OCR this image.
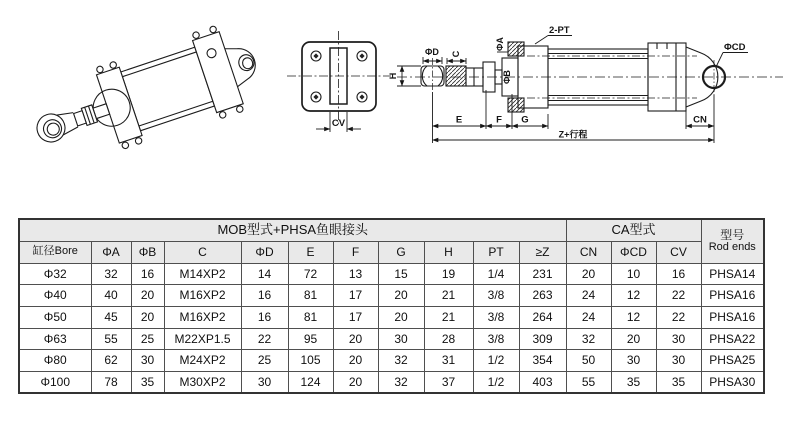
CV
2-PT
ΦD C
ΦA
ΦB
H
ΦCD
E	F G	CN
Z+行程
MOB型式+PHSA鱼眼接头											CA型式			型号
Rod ends

缸径Bore	ΦA	ΦB	C	ΦD	E	F	G	H	PT	≥Z	CN	ΦCD	CV	
Φ32	32	16	M14XP2	14	72	13	15	19	1/4	231	20	10	16	PHSA14
Φ40	40	20	M16XP2	16	81	17	20	21	3/8	263	24	12	22	PHSA16
Φ50	45	20	M16XP2	16	81	17	20	21	3/8	264	24	12	22	PHSA16
Φ63	55	25	M22XP1.5	22	95	20	30	28	3/8	309	32	20	30	PHSA22
Φ80	62	30	M24XP2	25	105	20	32	31	1/2	354	50	30	30	PHSA25
Φ100	78	35	M30XP2	30	124	20	32	37	1/2	403	55	35	35	PHSA30
